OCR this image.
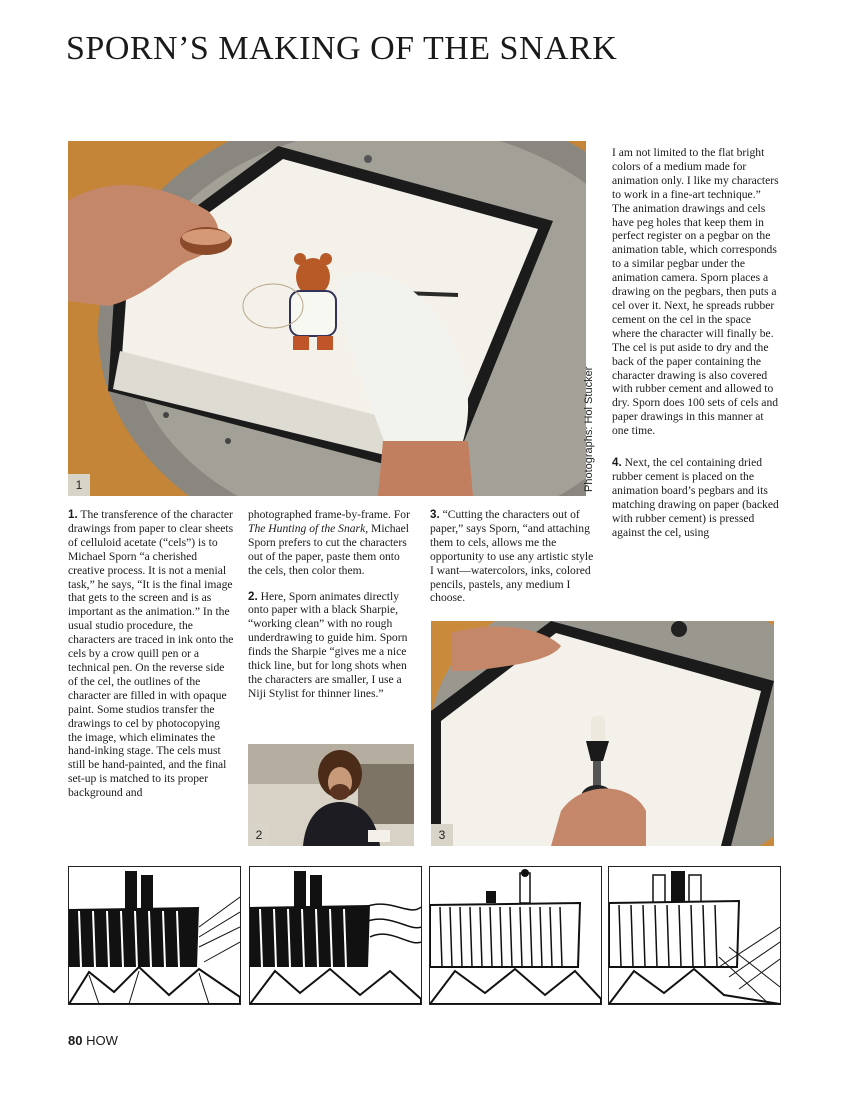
SPORN’S MAKING OF THE SNARK
1	Photographs: Hol Stucker

I am not limited to the flat bright colors of a medium made for animation only. I like my characters to work in a fine-art technique.” The animation drawings and cels have peg holes that keep them in perfect register on a pegbar on the animation table, which corresponds to a similar pegbar under the animation camera. Sporn places a drawing on the pegbars, then puts a cel over it. Next, he spreads rubber cement on the cel in the space where the character will finally be. The cel is put aside to dry and the back of the paper containing the character drawing is also covered with rubber cement and allowed to dry. Sporn does 100 sets of cels and paper drawings in this manner at one time.

4. Next, the cel containing dried rubber cement is placed on the animation board’s pegbars and its matching drawing on paper (backed with rubber cement) is pressed against the cel, using

1. The transference of the character drawings from paper to clear sheets of celluloid acetate (“cels”) is to Michael Sporn “a cherished creative process. It is not a menial task,” he says, “It is the final image that gets to the screen and is as important as the animation.” In the usual studio procedure, the characters are traced in ink onto the cels by a crow quill pen or a technical pen. On the reverse side of the cel, the outlines of the character are filled in with opaque paint. Some studios transfer the drawings to cel by photocopying the image, which eliminates the hand-inking stage. The cels must still be hand-painted, and the final set-up is matched to its proper background and

photographed frame-by-frame. For The Hunting of the Snark, Michael Sporn prefers to cut the characters out of the paper, paste them onto the cels, then color them.

2. Here, Sporn animates directly onto paper with a black Sharpie, “working clean” with no rough underdrawing to guide him. Sporn finds the Sharpie “gives me a nice thick line, but for long shots when the characters are smaller, I use a Niji Stylist for thinner lines.”

3. “Cutting the characters out of paper,” says Sporn, “and attaching them to cels, allows me the opportunity to use any artistic style I want—watercolors, inks, colored pencils, pastels, any medium I choose.

2	3
80 HOW
